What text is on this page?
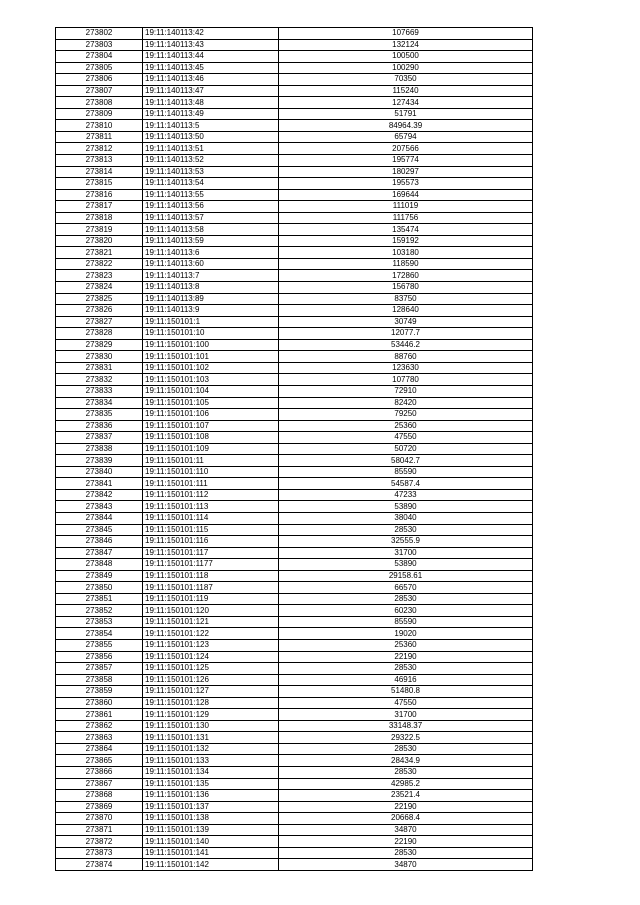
273802	19:11:140113:42	107669
273803	19:11:140113:43	132124
273804	19:11:140113:44	100500
273805	19:11:140113:45	100290
273806	19:11:140113:46	70350
273807	19:11:140113:47	115240
273808	19:11:140113:48	127434
273809	19:11:140113:49	51791
273810	19:11:140113:5	84964.39
273811	19:11:140113:50	65794
273812	19:11:140113:51	207566
273813	19:11:140113:52	195774
273814	19:11:140113:53	180297
273815	19:11:140113:54	195573
273816	19:11:140113:55	169644
273817	19:11:140113:56	111019
273818	19:11:140113:57	111756
273819	19:11:140113:58	135474
273820	19:11:140113:59	159192
273821	19:11:140113:6	103180
273822	19:11:140113:60	118590
273823	19:11:140113:7	172860
273824	19:11:140113:8	156780
273825	19:11:140113:89	83750
273826	19:11:140113:9	128640
273827	19:11:150101:1	30749
273828	19:11:150101:10	12077.7
273829	19:11:150101:100	53446.2
273830	19:11:150101:101	88760
273831	19:11:150101:102	123630
273832	19:11:150101:103	107780
273833	19:11:150101:104	72910
273834	19:11:150101:105	82420
273835	19:11:150101:106	79250
273836	19:11:150101:107	25360
273837	19:11:150101:108	47550
273838	19:11:150101:109	50720
273839	19:11:150101:11	58042.7
273840	19:11:150101:110	85590
273841	19:11:150101:111	54587.4
273842	19:11:150101:112	47233
273843	19:11:150101:113	53890
273844	19:11:150101:114	38040
273845	19:11:150101:115	28530
273846	19:11:150101:116	32555.9
273847	19:11:150101:117	31700
273848	19:11:150101:1177	53890
273849	19:11:150101:118	29158.61
273850	19:11:150101:1187	66570
273851	19:11:150101:119	28530
273852	19:11:150101:120	60230
273853	19:11:150101:121	85590
273854	19:11:150101:122	19020
273855	19:11:150101:123	25360
273856	19:11:150101:124	22190
273857	19:11:150101:125	28530
273858	19:11:150101:126	46916
273859	19:11:150101:127	51480.8
273860	19:11:150101:128	47550
273861	19:11:150101:129	31700
273862	19:11:150101:130	33148.37
273863	19:11:150101:131	29322.5
273864	19:11:150101:132	28530
273865	19:11:150101:133	28434.9
273866	19:11:150101:134	28530
273867	19:11:150101:135	42985.2
273868	19:11:150101:136	23521.4
273869	19:11:150101:137	22190
273870	19:11:150101:138	20668.4
273871	19:11:150101:139	34870
273872	19:11:150101:140	22190
273873	19:11:150101:141	28530
273874	19:11:150101:142	34870
